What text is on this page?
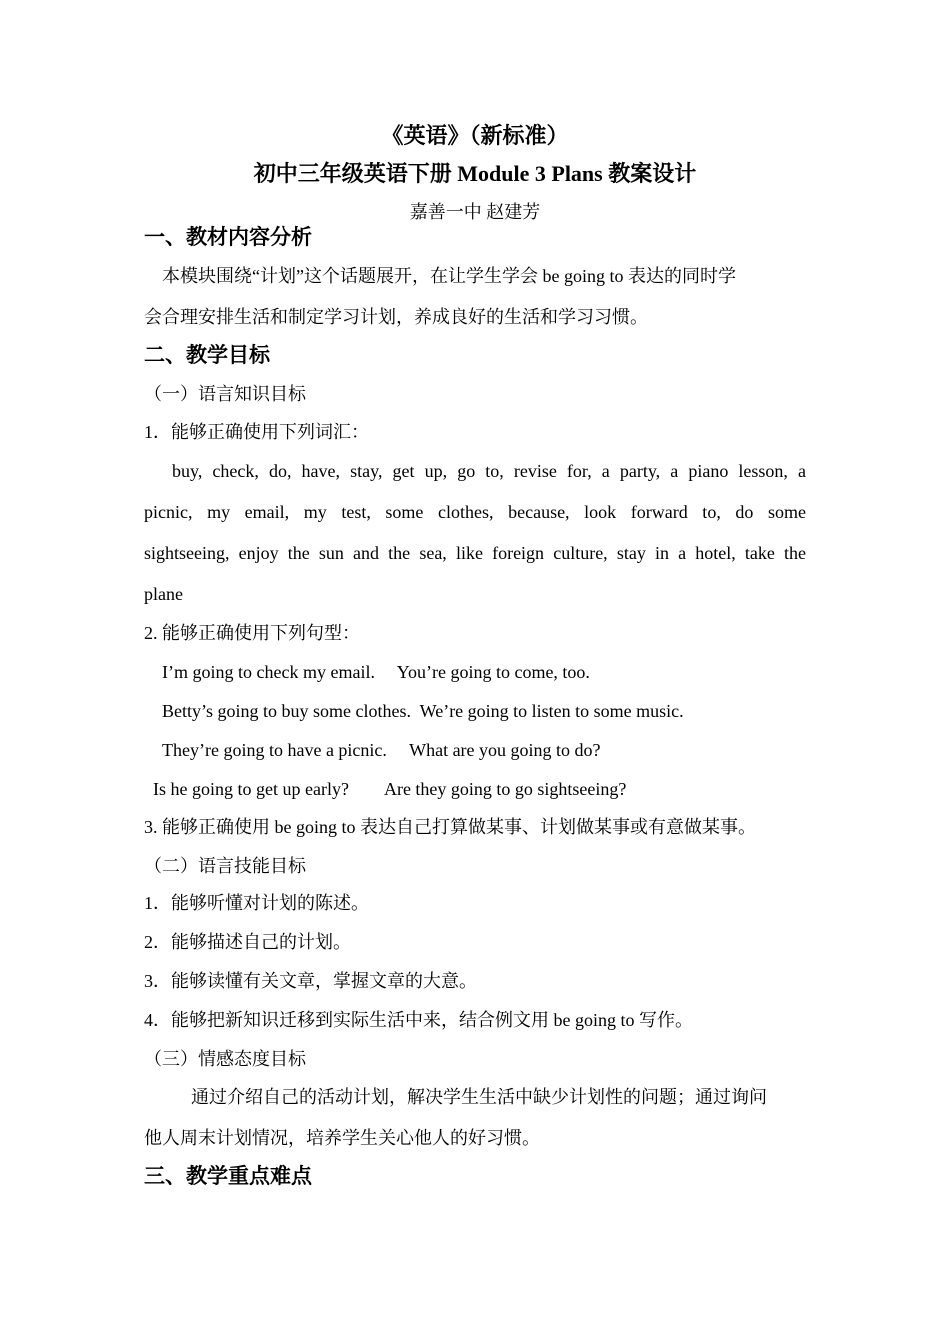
《英语》（新标准）
初中三年级英语下册 Module 3 Plans 教案设计
嘉善一中 赵建芳
一、教材内容分析
本模块围绕“计划”这个话题展开，在让学生学会 be going to 表达的同时学
会合理安排生活和制定学习计划，养成良好的生活和学习习惯。
二、教学目标
（一）语言知识目标
1．能够正确使用下列词汇：
buy, check, do, have, stay, get up, go to, revise for, a party, a piano lesson, a
picnic, my email, my test, some clothes, because, look forward to, do some
sightseeing, enjoy the sun and the sea, like foreign culture, stay in a hotel, take the
plane
2. 能够正确使用下列句型：
I’m going to check my email.     You’re going to come, too.
Betty’s going to buy some clothes.  We’re going to listen to some music.
They’re going to have a picnic.     What are you going to do?
Is he going to get up early?        Are they going to go sightseeing?
3. 能够正确使用 be going to 表达自己打算做某事、计划做某事或有意做某事。
（二）语言技能目标
1．能够听懂对计划的陈述。
2．能够描述自己的计划。
3．能够读懂有关文章，掌握文章的大意。
4．能够把新知识迁移到实际生活中来，结合例文用 be going to 写作。
（三）情感态度目标
通过介绍自己的活动计划，解决学生生活中缺少计划性的问题；通过询问
他人周末计划情况，培养学生关心他人的好习惯。
三、教学重点难点
